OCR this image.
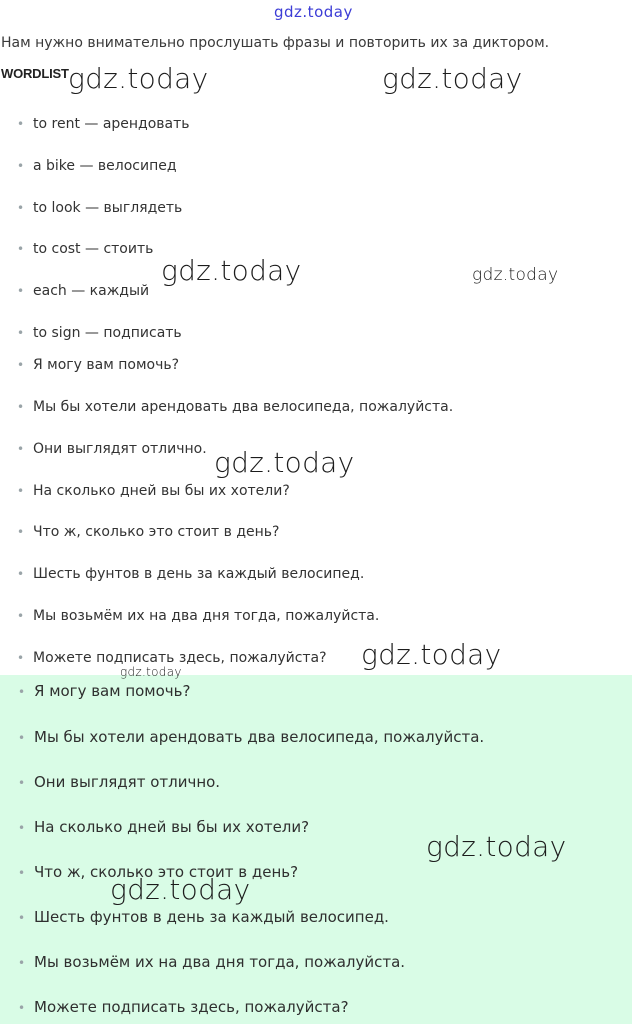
gdz.today
Нам нужно внимательно прослушать фразы и повторить их за диктором.
WORDLIST
• to rent — арендовать
• a bike — велосипед
• to look — выглядеть
• to cost — стоить
• each — каждый
• to sign — подписать
• Я могу вам помочь?
• Мы бы хотели арендовать два велосипеда, пожалуйста.
• Они выглядят отлично.
• На сколько дней вы бы их хотели?
• Что ж, сколько это стоит в день?
• Шесть фунтов в день за каждый велосипед.
• Мы возьмём их на два дня тогда, пожалуйста.
• Можете подписать здесь, пожалуйста?
• Я могу вам помочь?
• Мы бы хотели арендовать два велосипеда, пожалуйста.
• Они выглядят отлично.
• На сколько дней вы бы их хотели?
• Что ж, сколько это стоит в день?
• Шесть фунтов в день за каждый велосипед.
• Мы возьмём их на два дня тогда, пожалуйста.
• Можете подписать здесь, пожалуйста?
gdz.today	gdz.today
gdz.today	gdz.today
gdz.today
gdz.today
gdz.today
gdz.today
gdz.today
